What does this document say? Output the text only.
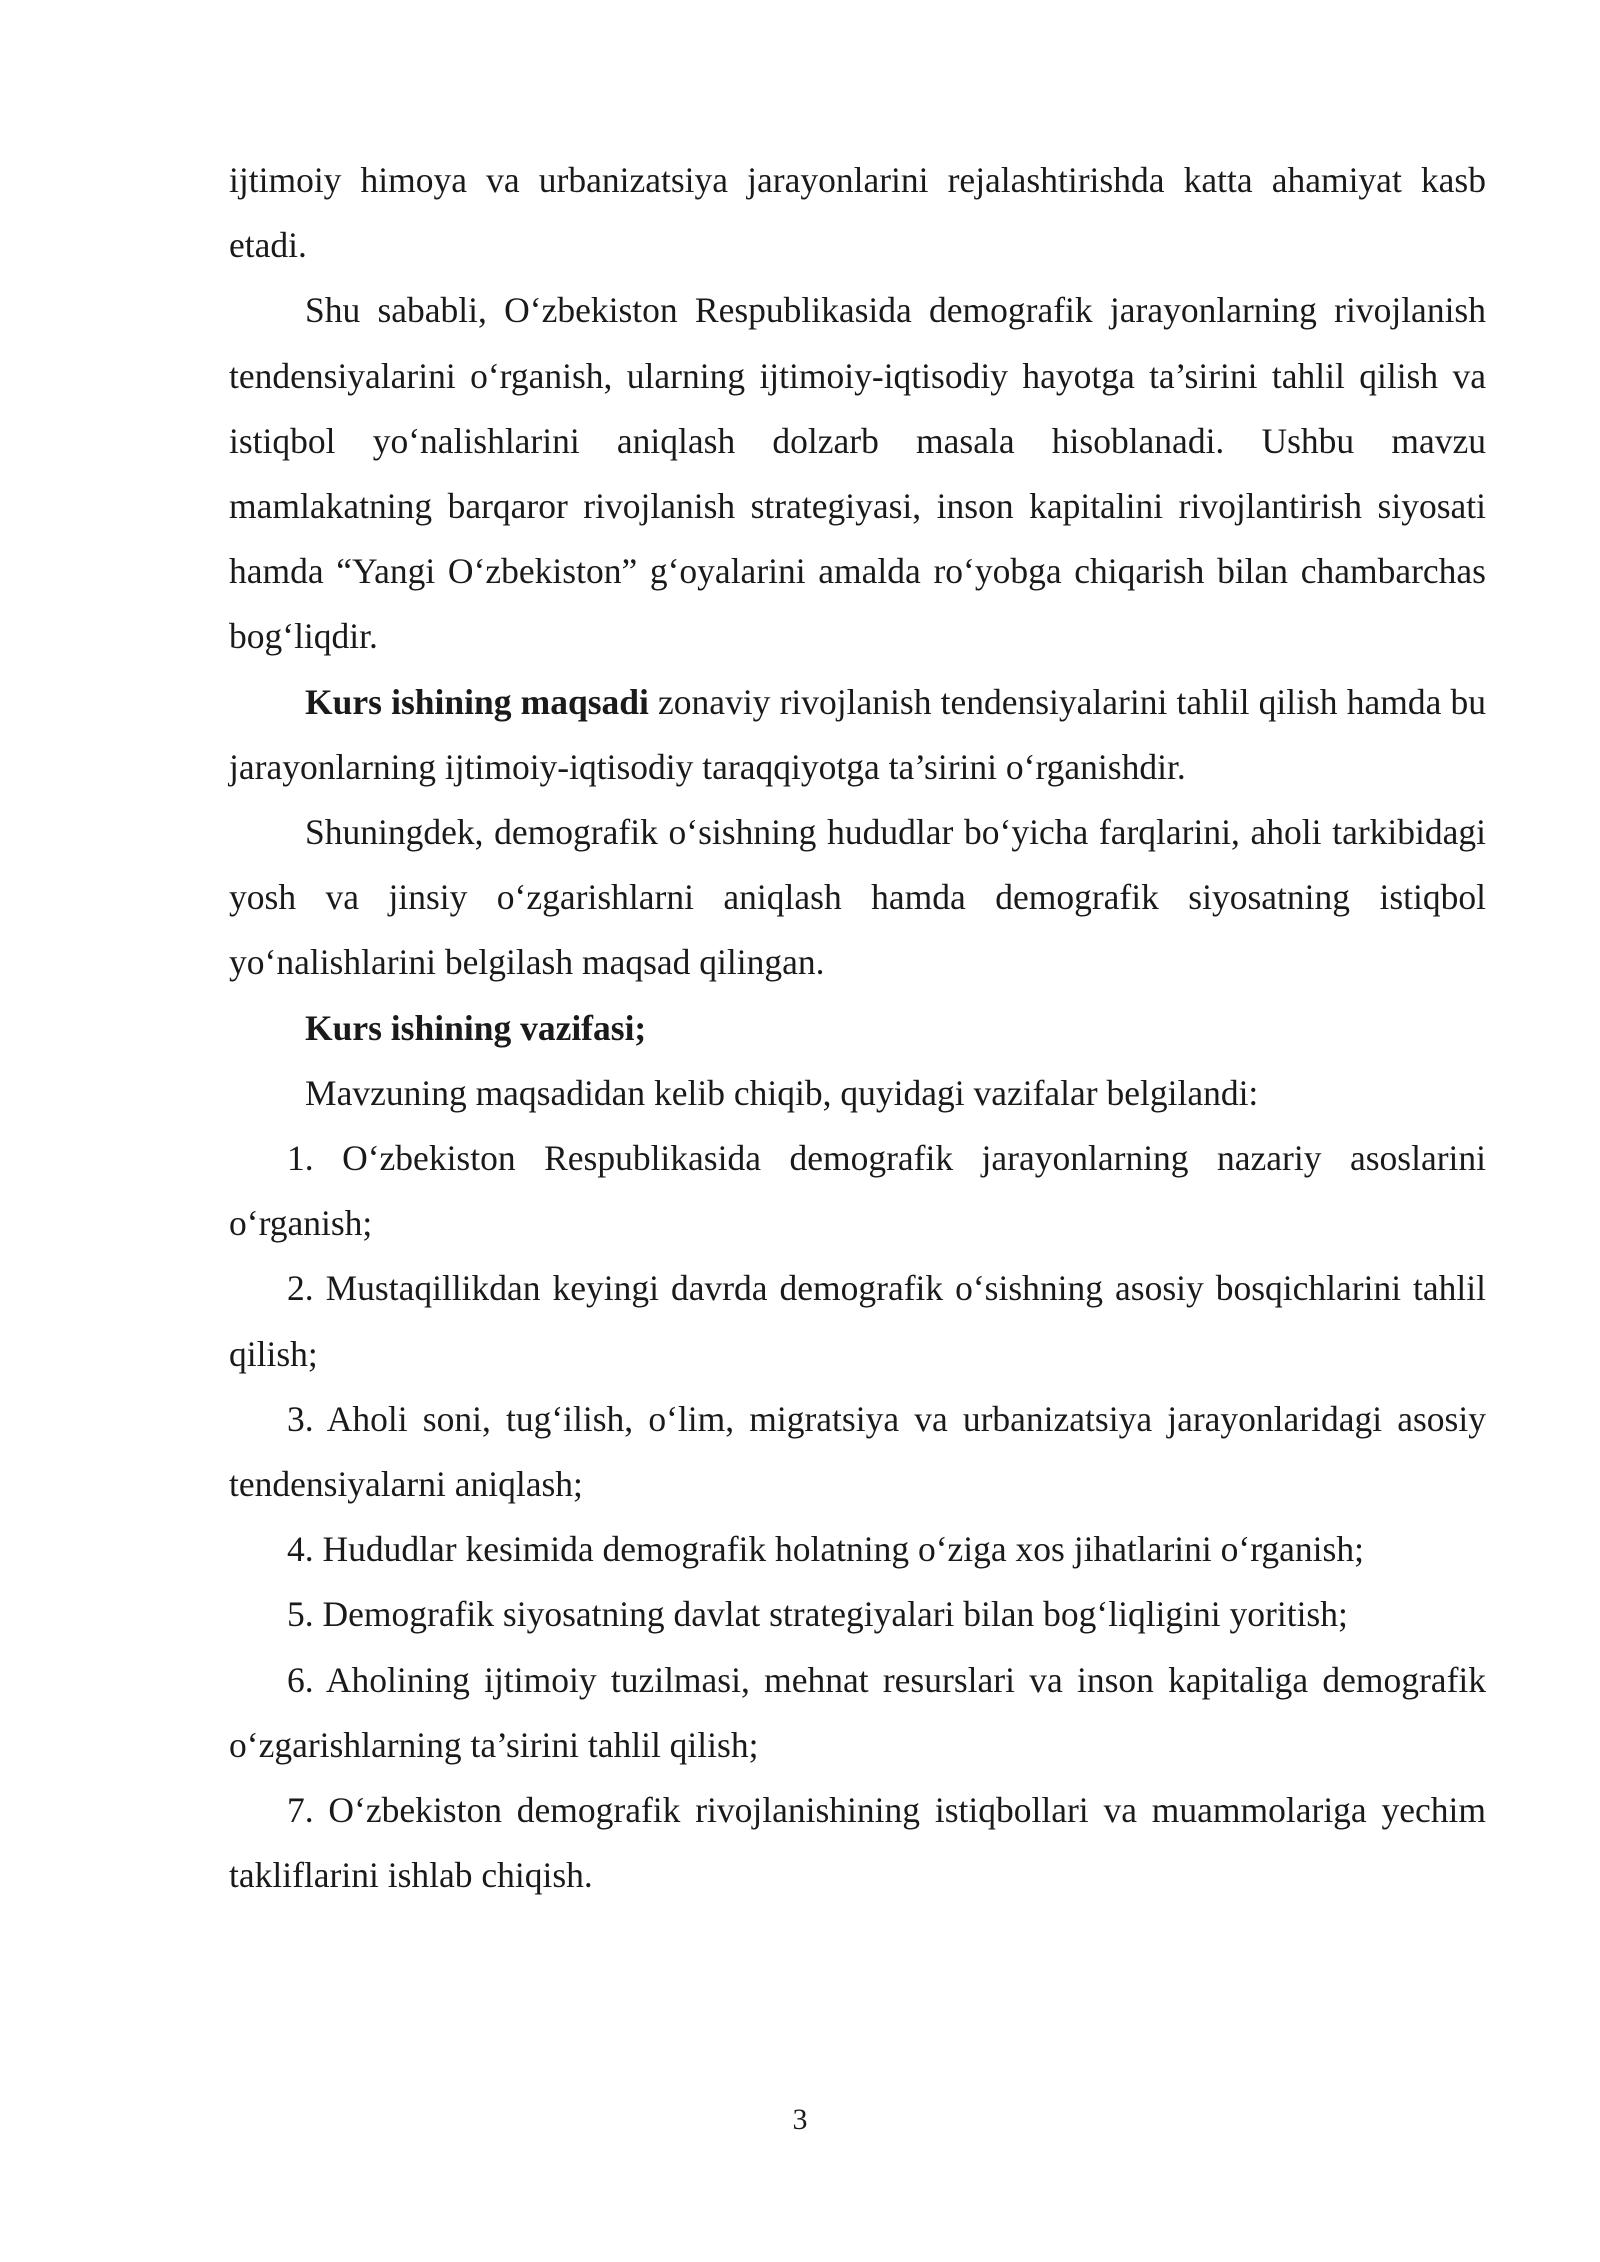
ijtimoiy himoya va urbanizatsiya jarayonlarini rejalashtirishda katta ahamiyat kasb etadi.

Shu sababli, O‘zbekiston Respublikasida demografik jarayonlarning rivojlanish tendensiyalarini o‘rganish, ularning ijtimoiy-iqtisodiy hayotga ta’sirini tahlil qilish va istiqbol yo‘nalishlarini aniqlash dolzarb masala hisoblanadi. Ushbu mavzu mamlakatning barqaror rivojlanish strategiyasi, inson kapitalini rivojlantirish siyosati hamda “Yangi O‘zbekiston” g‘oyalarini amalda ro‘yobga chiqarish bilan chambarchas bog‘liqdir.

Kurs ishining maqsadi zonaviy rivojlanish tendensiyalarini tahlil qilish hamda bu jarayonlarning ijtimoiy-iqtisodiy taraqqiyotga ta’sirini o‘rganishdir.

Shuningdek, demografik o‘sishning hududlar bo‘yicha farqlarini, aholi tarkibidagi yosh va jinsiy o‘zgarishlarni aniqlash hamda demografik siyosatning istiqbol yo‘nalishlarini belgilash maqsad qilingan.

Kurs ishining vazifasi;

Mavzuning maqsadidan kelib chiqib, quyidagi vazifalar belgilandi:

1. O‘zbekiston Respublikasida demografik jarayonlarning nazariy asoslarini o‘rganish;

2. Mustaqillikdan keyingi davrda demografik o‘sishning asosiy bosqichlarini tahlil qilish;

3. Aholi soni, tug‘ilish, o‘lim, migratsiya va urbanizatsiya jarayonlaridagi asosiy tendensiyalarni aniqlash;

4. Hududlar kesimida demografik holatning o‘ziga xos jihatlarini o‘rganish;

5. Demografik siyosatning davlat strategiyalari bilan bog‘liqligini yoritish;

6. Aholining ijtimoiy tuzilmasi, mehnat resurslari va inson kapitaliga demografik o‘zgarishlarning ta’sirini tahlil qilish;

7. O‘zbekiston demografik rivojlanishining istiqbollari va muammolariga yechim takliflarini ishlab chiqish.

3
